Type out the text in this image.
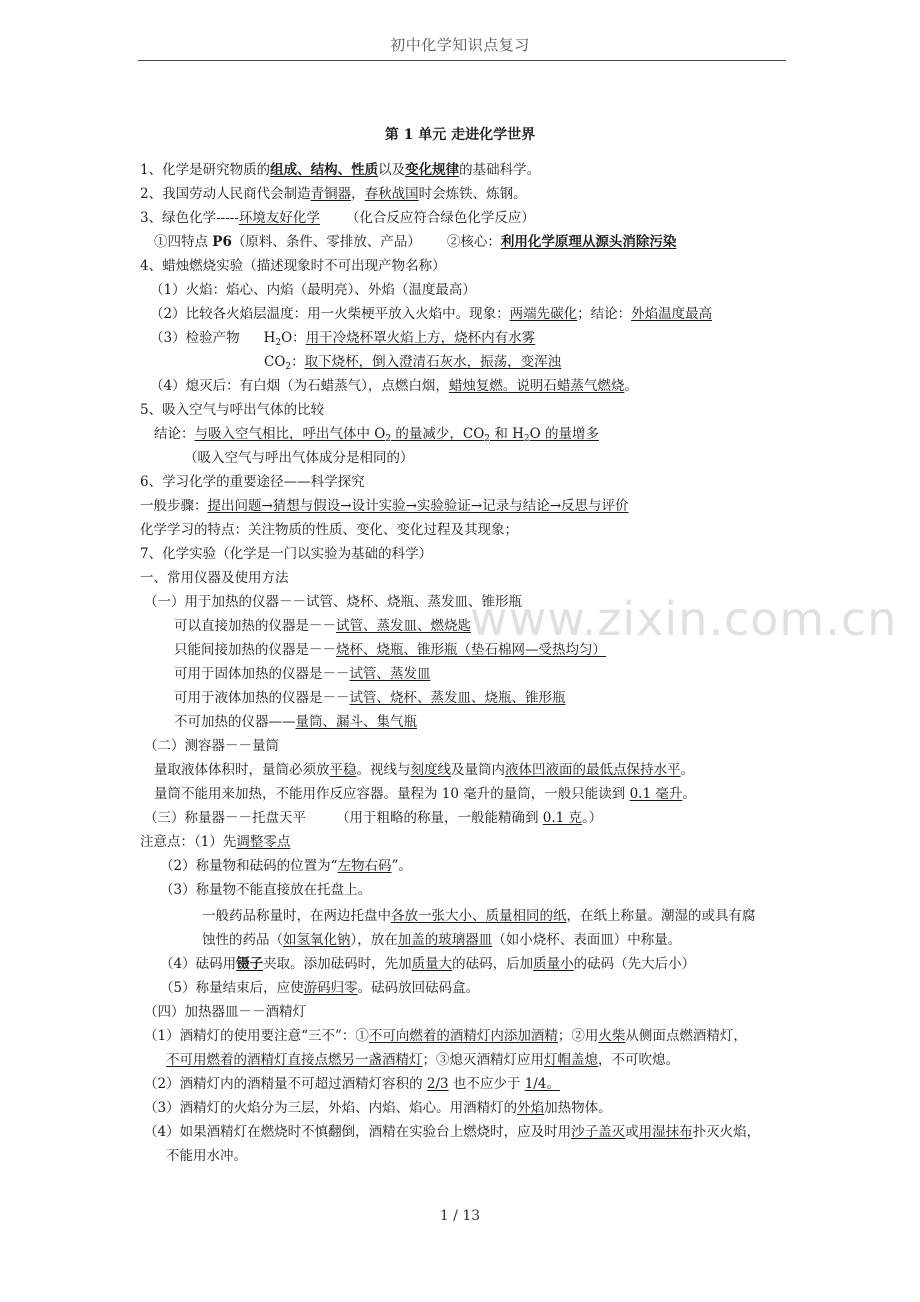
初中化学知识点复习
第 1 单元 走进化学世界
www.zixin.com.cn
1、化学是研究物质的组成、结构、性质以及变化规律的基础科学。
2、我国劳动人民商代会制造青铜器，春秋战国时会炼铁、炼钢。
3、绿色化学-----环境友好化学 （化合反应符合绿色化学反应）
①四特点 P6（原料、条件、零排放、产品） ②核心：利用化学原理从源头消除污染
4、蜡烛燃烧实验（描述现象时不可出现产物名称）
（1）火焰：焰心、内焰（最明亮）、外焰（温度最高）
（2）比较各火焰层温度：用一火柴梗平放入火焰中。现象：两端先碳化；结论：外焰温度最高
（3）检验产物 $H_2O$：用干冷烧杯罩火焰上方，烧杯内有水雾
$CO_2$：取下烧杯，倒入澄清石灰水，振荡，变浑浊
（4）熄灭后：有白烟（为石蜡蒸气），点燃白烟，蜡烛复燃。说明石蜡蒸气燃烧。
5、吸入空气与呼出气体的比较
结论：与吸入空气相比，呼出气体中 $O_2$ 的量减少，$CO_2$ 和 $H_2O$ 的量增多
（吸入空气与呼出气体成分是相同的）
6、学习化学的重要途径——科学探究
一般步骤：提出问题→猜想与假设→设计实验→实验验证→记录与结论→反思与评价
化学学习的特点：关注物质的性质、变化、变化过程及其现象；
7、化学实验（化学是一门以实验为基础的科学）
一、常用仪器及使用方法
（一）用于加热的仪器－－试管、烧杯、烧瓶、蒸发皿、锥形瓶
可以直接加热的仪器是－－试管、蒸发皿、燃烧匙
只能间接加热的仪器是－－烧杯、烧瓶、锥形瓶（垫石棉网—受热均匀）
可用于固体加热的仪器是－－试管、蒸发皿
可用于液体加热的仪器是－－试管、烧杯、蒸发皿、烧瓶、锥形瓶
不可加热的仪器——量筒、漏斗、集气瓶
（二）测容器－－量筒
量取液体体积时，量筒必须放平稳。视线与刻度线及量筒内液体凹液面的最低点保持水平。
量筒不能用来加热，不能用作反应容器。量程为 10 毫升的量筒，一般只能读到 0.1 毫升。
（三）称量器－－托盘天平 （用于粗略的称量，一般能精确到 0.1 克。）
注意点：（1）先调整零点
（2）称量物和砝码的位置为“左物右码”。
（3）称量物不能直接放在托盘上。
一般药品称量时，在两边托盘中各放一张大小、质量相同的纸，在纸上称量。潮湿的或具有腐
蚀性的药品（如氢氧化钠），放在加盖的玻璃器皿（如小烧杯、表面皿）中称量。
（4）砝码用镊子夹取。添加砝码时，先加质量大的砝码，后加质量小的砝码（先大后小）
（5）称量结束后，应使游码归零。砝码放回砝码盒。
（四）加热器皿－－酒精灯
（1）酒精灯的使用要注意“三不”：①不可向燃着的酒精灯内添加酒精；②用火柴从侧面点燃酒精灯，
不可用燃着的酒精灯直接点燃另一盏酒精灯；③熄灭酒精灯应用灯帽盖熄，不可吹熄。
（2）酒精灯内的酒精量不可超过酒精灯容积的 2/3 也不应少于 1/4。
（3）酒精灯的火焰分为三层，外焰、内焰、焰心。用酒精灯的外焰加热物体。
（4）如果酒精灯在燃烧时不慎翻倒，酒精在实验台上燃烧时，应及时用沙子盖灭或用湿抹布扑灭火焰，
不能用水冲。
1 / 13
